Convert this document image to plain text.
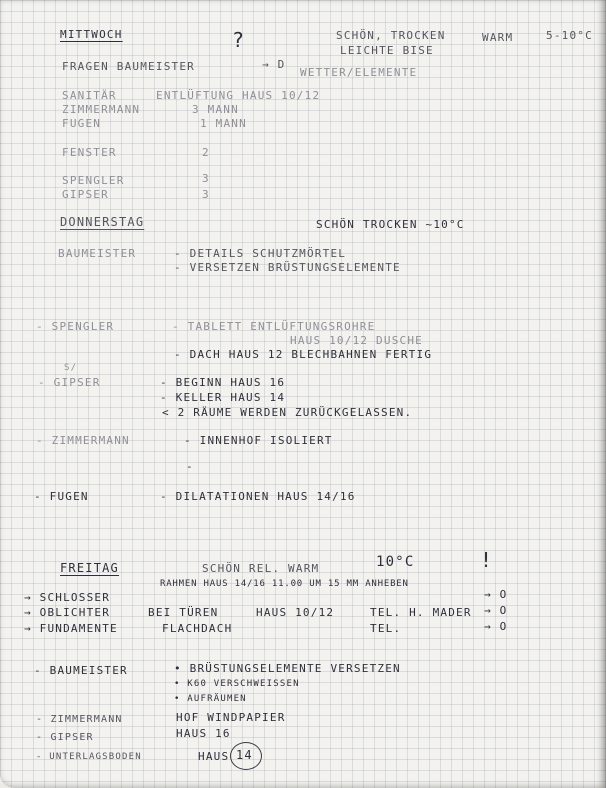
MITTWOCH	SCHÖN, TROCKEN	WARM	5-10°C
LEICHTE BISE
FRAGEN BAUMEISTER
?
→ D
WETTER/ELEMENTE
SANITÄR	ENTLÜFTUNG HAUS 10/12
ZIMMERMANN	3 MANN
FUGEN	1 MANN
FENSTER	2
SPENGLER	3
GIPSER	3
DONNERSTAG	SCHÖN TROCKEN ~10°C
BAUMEISTER	- DETAILS SCHUTZMÖRTEL
- VERSETZEN BRÜSTUNGSELEMENTE
- SPENGLER	- TABLETT ENTLÜFTUNGSROHRE
HAUS 10/12 DUSCHE
- DACH HAUS 12 BLECHBAHNEN FERTIG
S/
- GIPSER	- BEGINN HAUS 16
- KELLER HAUS 14
< 2 RÄUME WERDEN ZURÜCKGELASSEN.
- ZIMMERMANN	- INNENHOF ISOLIERT
-
- FUGEN	- DILATATIONEN HAUS 14/16
FREITAG	SCHÖN REL. WARM	10°C	!
RAHMEN HAUS 14/16 11.00 UM 15 MM ANHEBEN
→ SCHLOSSER	→ O
→ OBLICHTER	BEI TÜREN	HAUS 10/12	TEL. H. MADER → O
→ FUNDAMENTE	FLACHDACH	TEL.	→ O
- BAUMEISTER	• BRÜSTUNGSELEMENTE VERSETZEN
• K60 VERSCHWEISSEN
• AUFRÄUMEN
- ZIMMERMANN	HOF WINDPAPIER
- GIPSER	HAUS 16
- UNTERLAGSBODEN	HAUS 14
